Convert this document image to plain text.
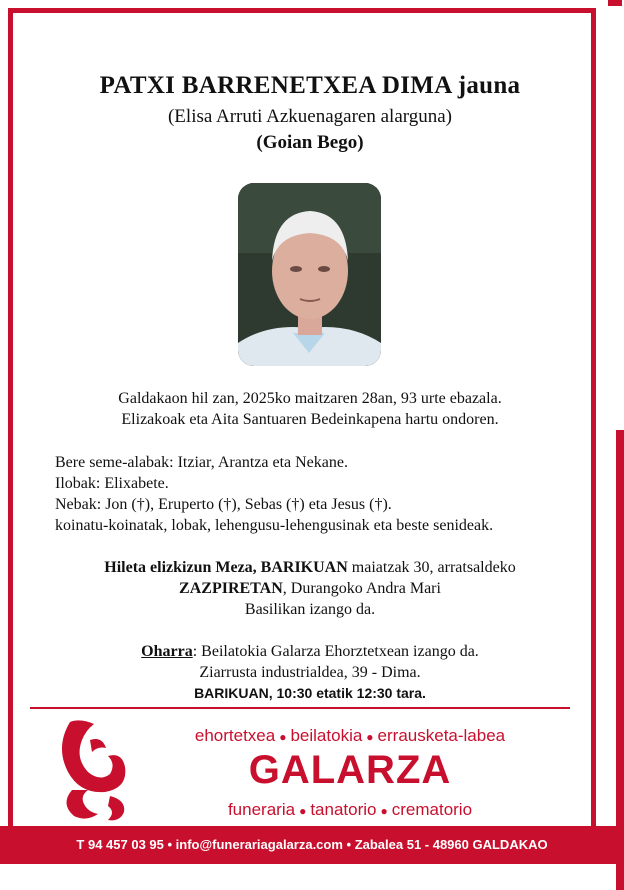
PATXI BARRENETXEA DIMA jauna
(Elisa Arruti Azkuenagaren alarguna)
(Goian Bego)
Galdakaon hil zan, 2025ko maitzaren 28an, 93 urte ebazala.
Elizakoak eta Aita Santuaren Bedeinkapena hartu ondoren.
Bere seme-alabak: Itziar, Arantza eta Nekane.
Ilobak: Elixabete.
Nebak: Jon (†), Eruperto (†), Sebas (†) eta Jesus (†).
koinatu-koinatak, lobak, lehengusu-lehengusinak eta beste senideak.
Hileta elizkizun Meza, BARIKUAN maiatzak 30, arratsaldeko
ZAZPIRETAN, Durangoko Andra Mari
Basilikan izango da.
Oharra: Beilatokia Galarza Ehorztetxean izango da.
Ziarrusta industrialdea, 39 - Dima.
BARIKUAN, 10:30 etatik 12:30 tara.
ehortetxea ● beilatokia ● errausketa-labea
GALARZA
funeraria ● tanatorio ● crematorio
T 94 457 03 95 • info@funerariagalarza.com • Zabalea 51 - 48960 GALDAKAO
